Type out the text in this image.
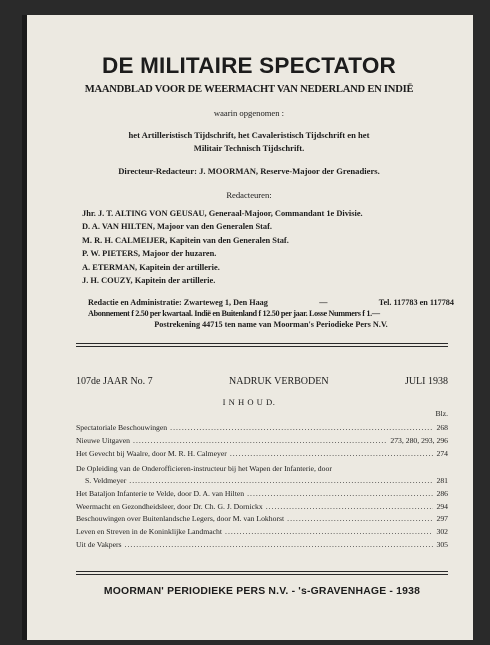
DE MILITAIRE SPECTATOR
MAANDBLAD VOOR DE WEERMACHT VAN NEDERLAND EN INDIË
waarin opgenomen :
het Artilleristisch Tijdschrift, het Cavaleristisch Tijdschrift en het
Militair Technisch Tijdschrift.
Directeur-Redacteur: J. MOORMAN, Reserve-Majoor der Grenadiers.
Redacteuren:
Jhr. J. T. ALTING VON GEUSAU, Generaal-Majoor, Commandant 1e Divisie.
D. A. VAN HILTEN, Majoor van den Generalen Staf.
M. R. H. CALMEIJER, Kapitein van den Generalen Staf.
P. W. PIETERS, Majoor der huzaren.
A. ETERMAN, Kapitein der artillerie.
J. H. COUZY, Kapitein der artillerie.
Redactie en Administratie: Zwarteweg 1, Den Haag	—	Tel. 117783 en 117784
Abonnement f 2.50 per kwartaal. Indië en Buitenland f 12.50 per jaar. Losse Nummers f 1.—
Postrekening 44715 ten name van Moorman's Periodieke Pers N.V.
107de JAAR No. 7	NADRUK VERBODEN	JULI 1938
I N H O U D.
Blz.
Spectatoriale Beschouwingen .....	268
Nieuwe Uitgaven .....	273, 280, 293, 296
Het Gevecht bij Waalre, door M. R. H. Calmeyer .....	274
De Opleiding van de Onderofficieren-instructeur bij het Wapen der Infanterie, door
S. Veldmeyer .....	281
Het Bataljon Infanterie te Velde, door D. A. van Hilten .....	286
Weermacht en Gezondheidsleer, door Dr. Ch. G. J. Dornickx .....	294
Beschouwingen over Buitenlandsche Legers, door M. van Lokhorst .....	297
Leven en Streven in de Koninklijke Landmacht .....	302
Uit de Vakpers .....	305
MOORMAN' PERIODIEKE PERS N.V. - 's-GRAVENHAGE - 1938
